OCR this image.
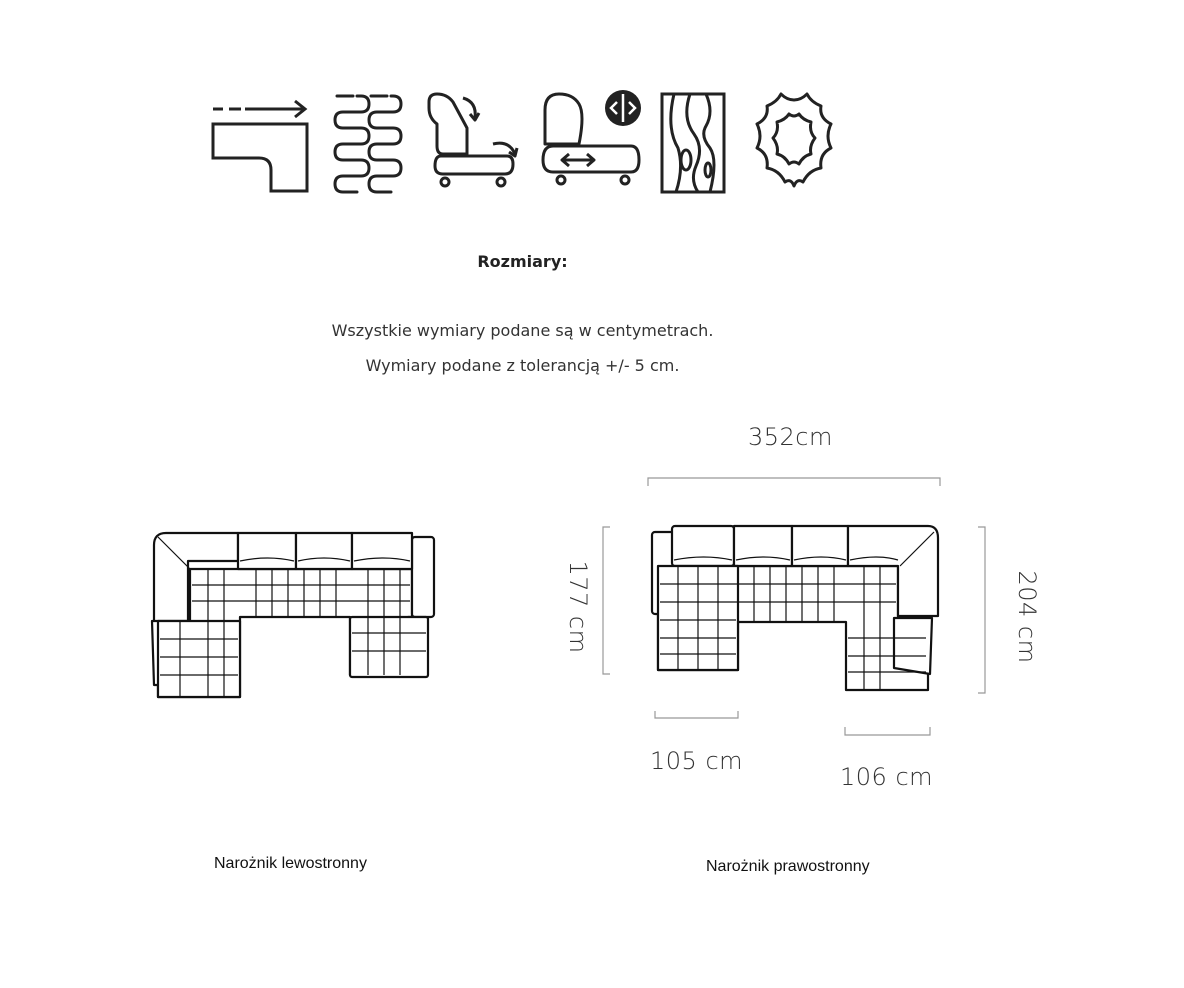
Rozmiary:
Wszystkie wymiary podane są w centymetrach.
Wymiary podane z tolerancją +/- 5 cm.
352cm
177 cm	204 cm
105 cm
106 cm
Narożnik lewostronny	Narożnik prawostronny
